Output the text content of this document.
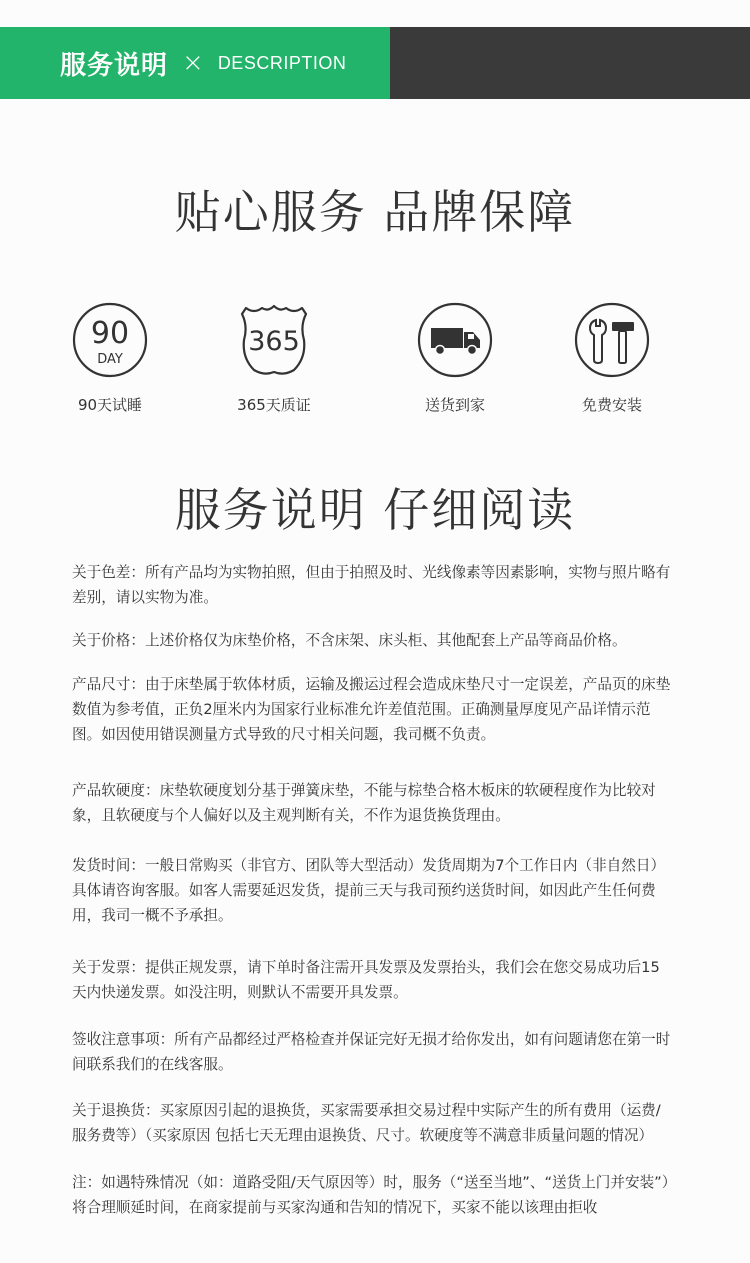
服务说明 × DESCRIPTION
贴心服务 品牌保障
90
DAY
90天试睡
365
365天质证	送货到家	免费安装
服务说明 仔细阅读
关于色差：所有产品均为实物拍照，但由于拍照及时、光线像素等因素影响，实物与照片略有差别，请以实物为准。
关于价格：上述价格仅为床垫价格，不含床架、床头柜、其他配套上产品等商品价格。
产品尺寸：由于床垫属于软体材质，运输及搬运过程会造成床垫尺寸一定误差，产品页的床垫数值为参考值，正负2厘米内为国家行业标准允许差值范围。正确测量厚度见产品详情示范图。如因使用错误测量方式导致的尺寸相关问题，我司概不负责。
产品软硬度：床垫软硬度划分基于弹簧床垫，不能与棕垫合格木板床的软硬程度作为比较对象，且软硬度与个人偏好以及主观判断有关，不作为退货换货理由。
发货时间：一般日常购买（非官方、团队等大型活动）发货周期为7个工作日内（非自然日）具体请咨询客服。如客人需要延迟发货，提前三天与我司预约送货时间，如因此产生任何费用，我司一概不予承担。
关于发票：提供正规发票，请下单时备注需开具发票及发票抬头，我们会在您交易成功后15天内快递发票。如没注明，则默认不需要开具发票。
签收注意事项：所有产品都经过严格检查并保证完好无损才给你发出，如有问题请您在第一时间联系我们的在线客服。
关于退换货：买家原因引起的退换货，买家需要承担交易过程中实际产生的所有费用（运费/服务费等）（买家原因 包括七天无理由退换货、尺寸。软硬度等不满意非质量问题的情况）
注：如遇特殊情况（如：道路受阻/天气原因等）时，服务（“送至当地”、“送货上门并安装”）将合理顺延时间，在商家提前与买家沟通和告知的情况下，买家不能以该理由拒收
